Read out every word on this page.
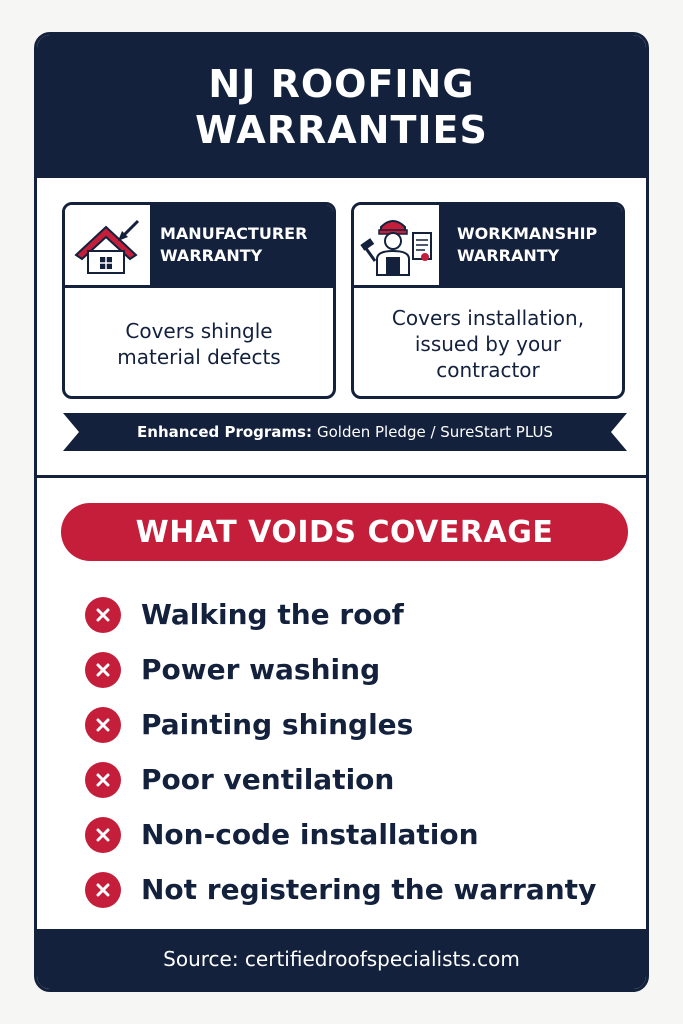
NJ ROOFING
WARRANTIES
MANUFACTURER
WARRANTY
Covers shingle
material defects
WORKMANSHIP
WARRANTY
Covers installation,
issued by your
contractor
Enhanced Programs: Golden Pledge / SureStart PLUS
WHAT VOIDS COVERAGE
Walking the roof
Power washing
Painting shingles
Poor ventilation
Non-code installation
Not registering the warranty
Source: certifiedroofspecialists.com
